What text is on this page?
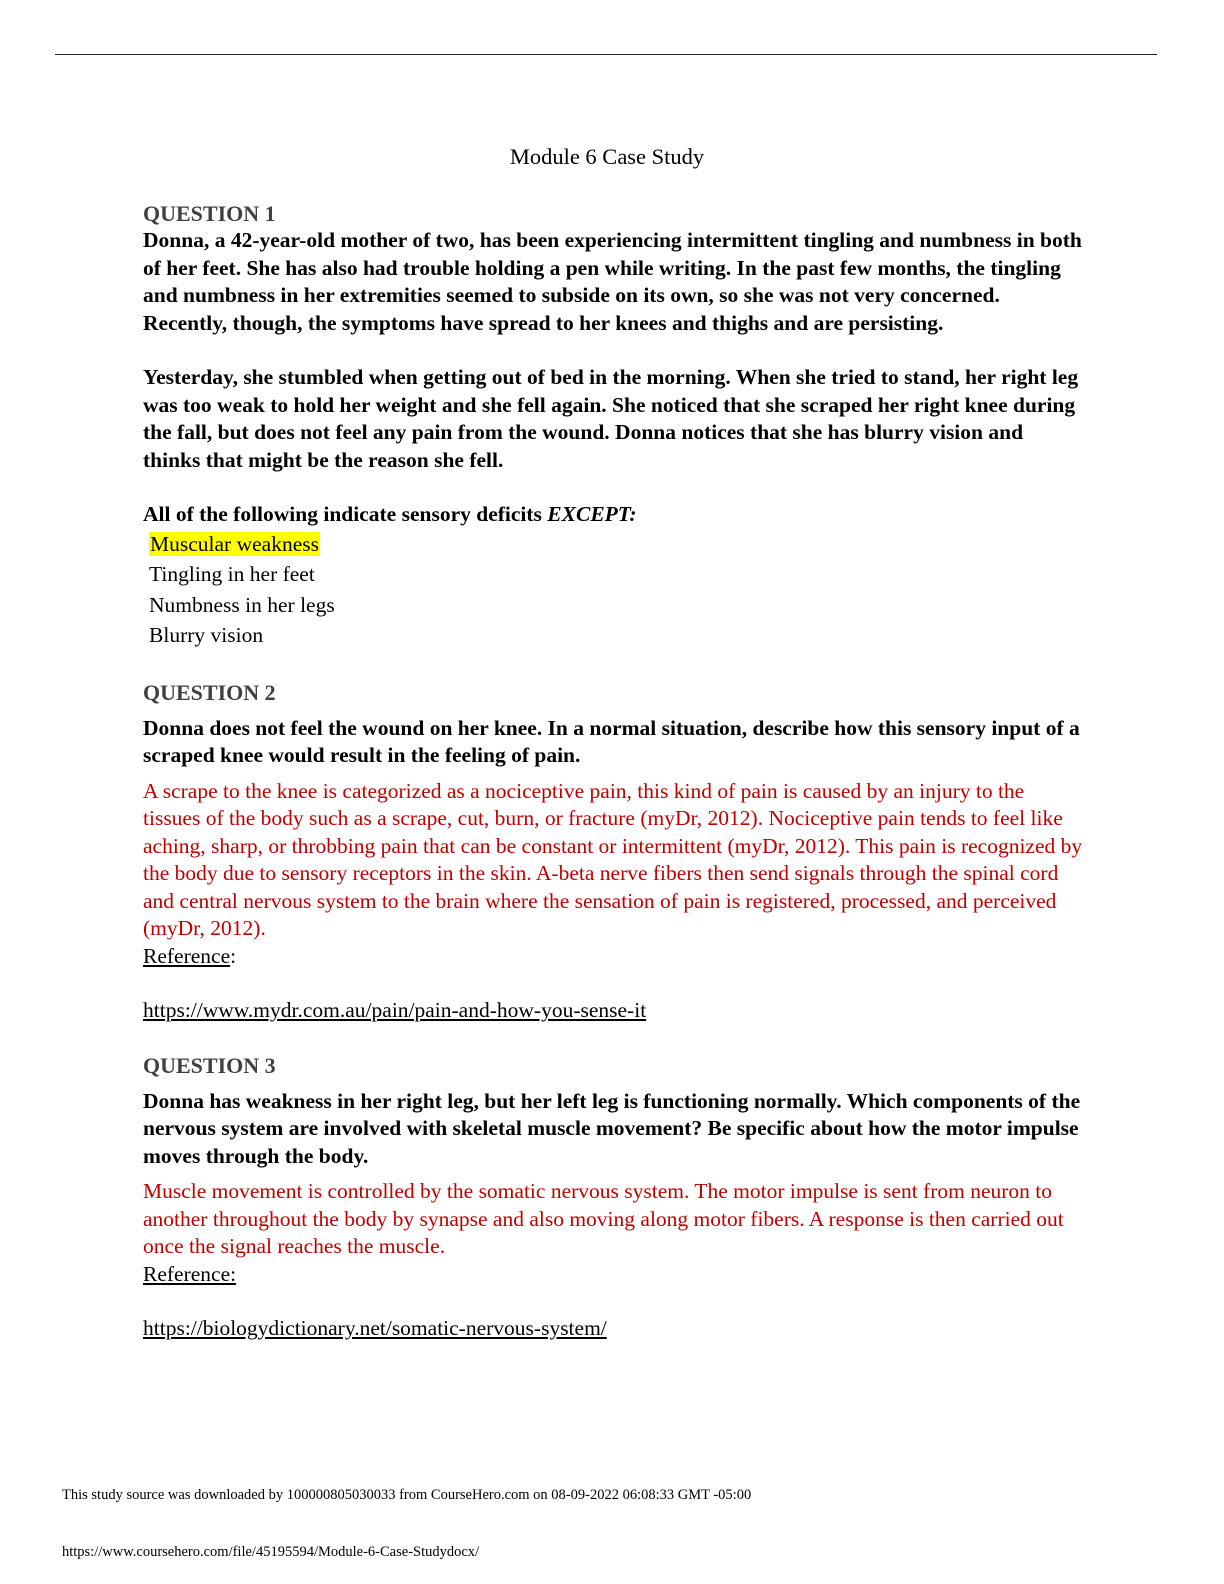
Module 6 Case Study

QUESTION 1

Donna, a 42-year-old mother of two, has been experiencing intermittent tingling and numbness in both of her feet. She has also had trouble holding a pen while writing. In the past few months, the tingling and numbness in her extremities seemed to subside on its own, so she was not very concerned. Recently, though, the symptoms have spread to her knees and thighs and are persisting.

Yesterday, she stumbled when getting out of bed in the morning. When she tried to stand, her right leg was too weak to hold her weight and she fell again. She noticed that she scraped her right knee during the fall, but does not feel any pain from the wound. Donna notices that she has blurry vision and thinks that might be the reason she fell.

All of the following indicate sensory deficits EXCEPT:

Muscular weakness
Tingling in her feet
Numbness in her legs
Blurry vision

QUESTION 2

Donna does not feel the wound on her knee. In a normal situation, describe how this sensory input of a scraped knee would result in the feeling of pain.

A scrape to the knee is categorized as a nociceptive pain, this kind of pain is caused by an injury to the tissues of the body such as a scrape, cut, burn, or fracture (myDr, 2012). Nociceptive pain tends to feel like aching, sharp, or throbbing pain that can be constant or intermittent (myDr, 2012). This pain is recognized by the body due to sensory receptors in the skin. A-beta nerve fibers then send signals through the spinal cord and central nervous system to the brain where the sensation of pain is registered, processed, and perceived (myDr, 2012).

Reference:

https://www.mydr.com.au/pain/pain-and-how-you-sense-it

QUESTION 3

Donna has weakness in her right leg, but her left leg is functioning normally. Which components of the nervous system are involved with skeletal muscle movement? Be specific about how the motor impulse moves through the body.

Muscle movement is controlled by the somatic nervous system. The motor impulse is sent from neuron to another throughout the body by synapse and also moving along motor fibers. A response is then carried out once the signal reaches the muscle.

Reference:

https://biologydictionary.net/somatic-nervous-system/

This study source was downloaded by 100000805030033 from CourseHero.com on 08-09-2022 06:08:33 GMT -05:00
https://www.coursehero.com/file/45195594/Module-6-Case-Studydocx/
